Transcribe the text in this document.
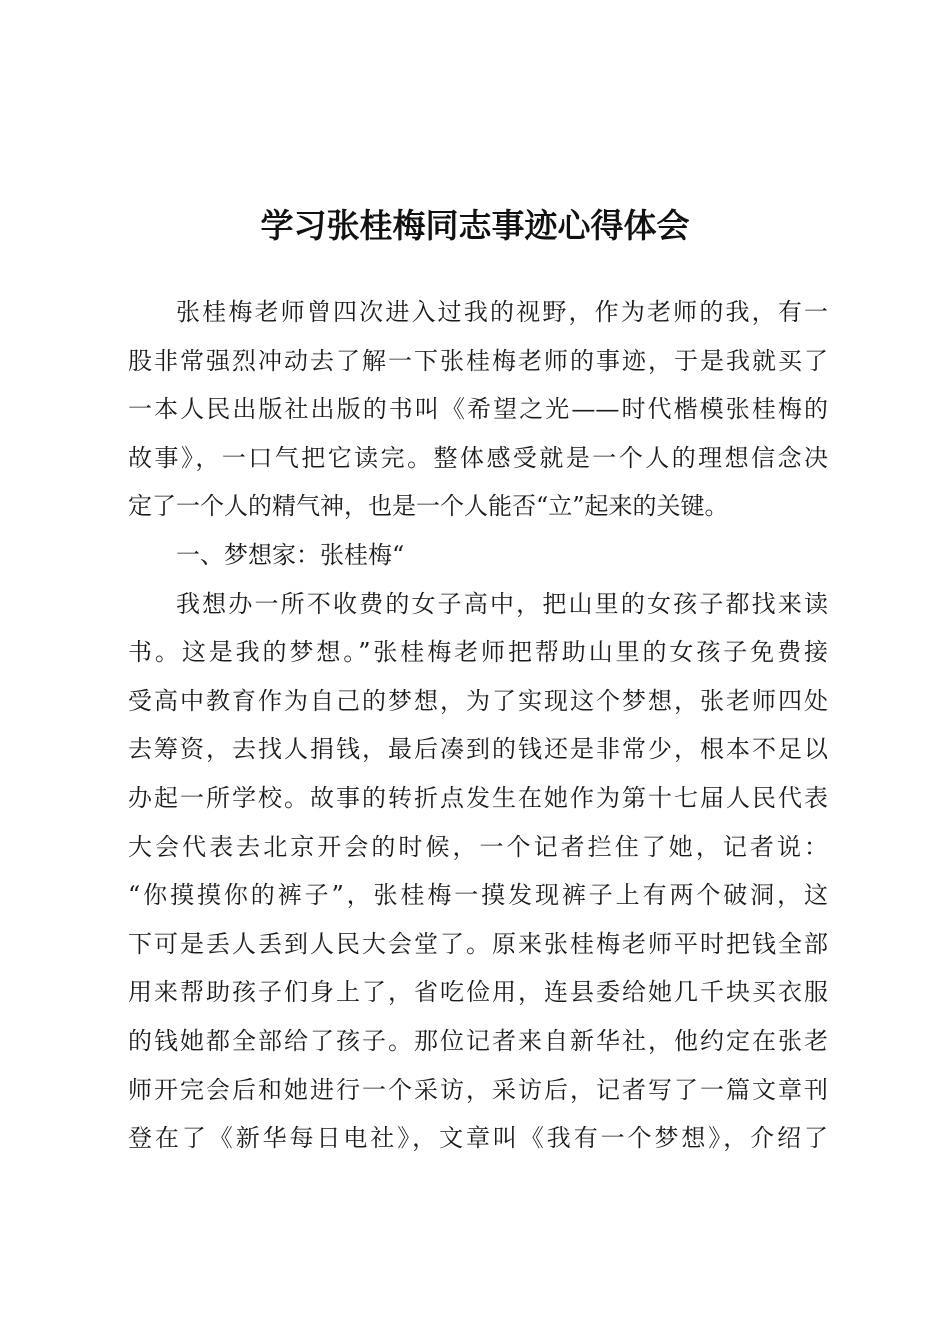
学习张桂梅同志事迹心得体会
张桂梅老师曾四次进入过我的视野，作为老师的我，有一
股非常强烈冲动去了解一下张桂梅老师的事迹，于是我就买了
一本人民出版社出版的书叫《希望之光——时代楷模张桂梅的
故事》，一口气把它读完。整体感受就是一个人的理想信念决
定了一个人的精气神，也是一个人能否“立”起来的关键。
一、梦想家：张桂梅“
我想办一所不收费的女子高中，把山里的女孩子都找来读
书。这是我的梦想。”张桂梅老师把帮助山里的女孩子免费接
受高中教育作为自己的梦想，为了实现这个梦想，张老师四处
去筹资，去找人捐钱，最后凑到的钱还是非常少，根本不足以
办起一所学校。故事的转折点发生在她作为第十七届人民代表
大会代表去北京开会的时候，一个记者拦住了她，记者说：
“你摸摸你的裤子”，张桂梅一摸发现裤子上有两个破洞，这
下可是丢人丢到人民大会堂了。原来张桂梅老师平时把钱全部
用来帮助孩子们身上了，省吃俭用，连县委给她几千块买衣服
的钱她都全部给了孩子。那位记者来自新华社，他约定在张老
师开完会后和她进行一个采访，采访后，记者写了一篇文章刊
登在了《新华每日电社》，文章叫《我有一个梦想》，介绍了
